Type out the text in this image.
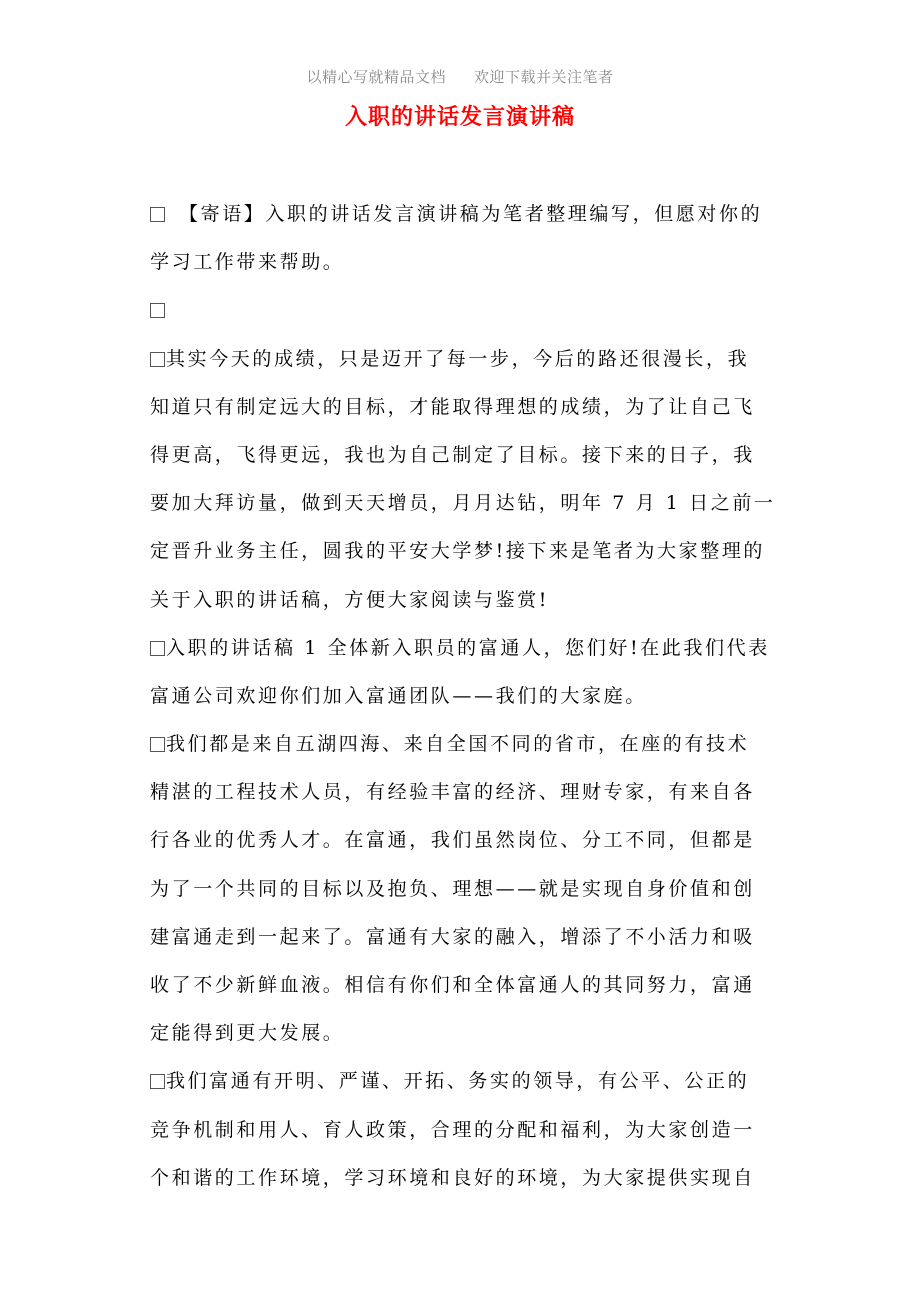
以精心写就精品文档 欢迎下载并关注笔者
入职的讲话发言演讲稿
【寄语】入职的讲话发言演讲稿为笔者整理编写，但愿对你的
学习工作带来帮助。
其实今天的成绩，只是迈开了每一步，今后的路还很漫长，我
知道只有制定远大的目标，才能取得理想的成绩，为了让自己飞
得更高，飞得更远，我也为自己制定了目标。接下来的日子，我
要加大拜访量，做到天天增员，月月达钻，明年 7 月 1 日之前一
定晋升业务主任，圆我的平安大学梦!接下来是笔者为大家整理的
关于入职的讲话稿，方便大家阅读与鉴赏!
入职的讲话稿 1 全体新入职员的富通人，您们好!在此我们代表
富通公司欢迎你们加入富通团队——我们的大家庭。
我们都是来自五湖四海、来自全国不同的省市，在座的有技术
精湛的工程技术人员，有经验丰富的经济、理财专家，有来自各
行各业的优秀人才。在富通，我们虽然岗位、分工不同，但都是
为了一个共同的目标以及抱负、理想——就是实现自身价值和创
建富通走到一起来了。富通有大家的融入，增添了不小活力和吸
收了不少新鲜血液。相信有你们和全体富通人的其同努力，富通
定能得到更大发展。
我们富通有开明、严谨、开拓、务实的领导，有公平、公正的
竞争机制和用人、育人政策，合理的分配和福利，为大家创造一
个和谐的工作环境，学习环境和良好的环境，为大家提供实现自
